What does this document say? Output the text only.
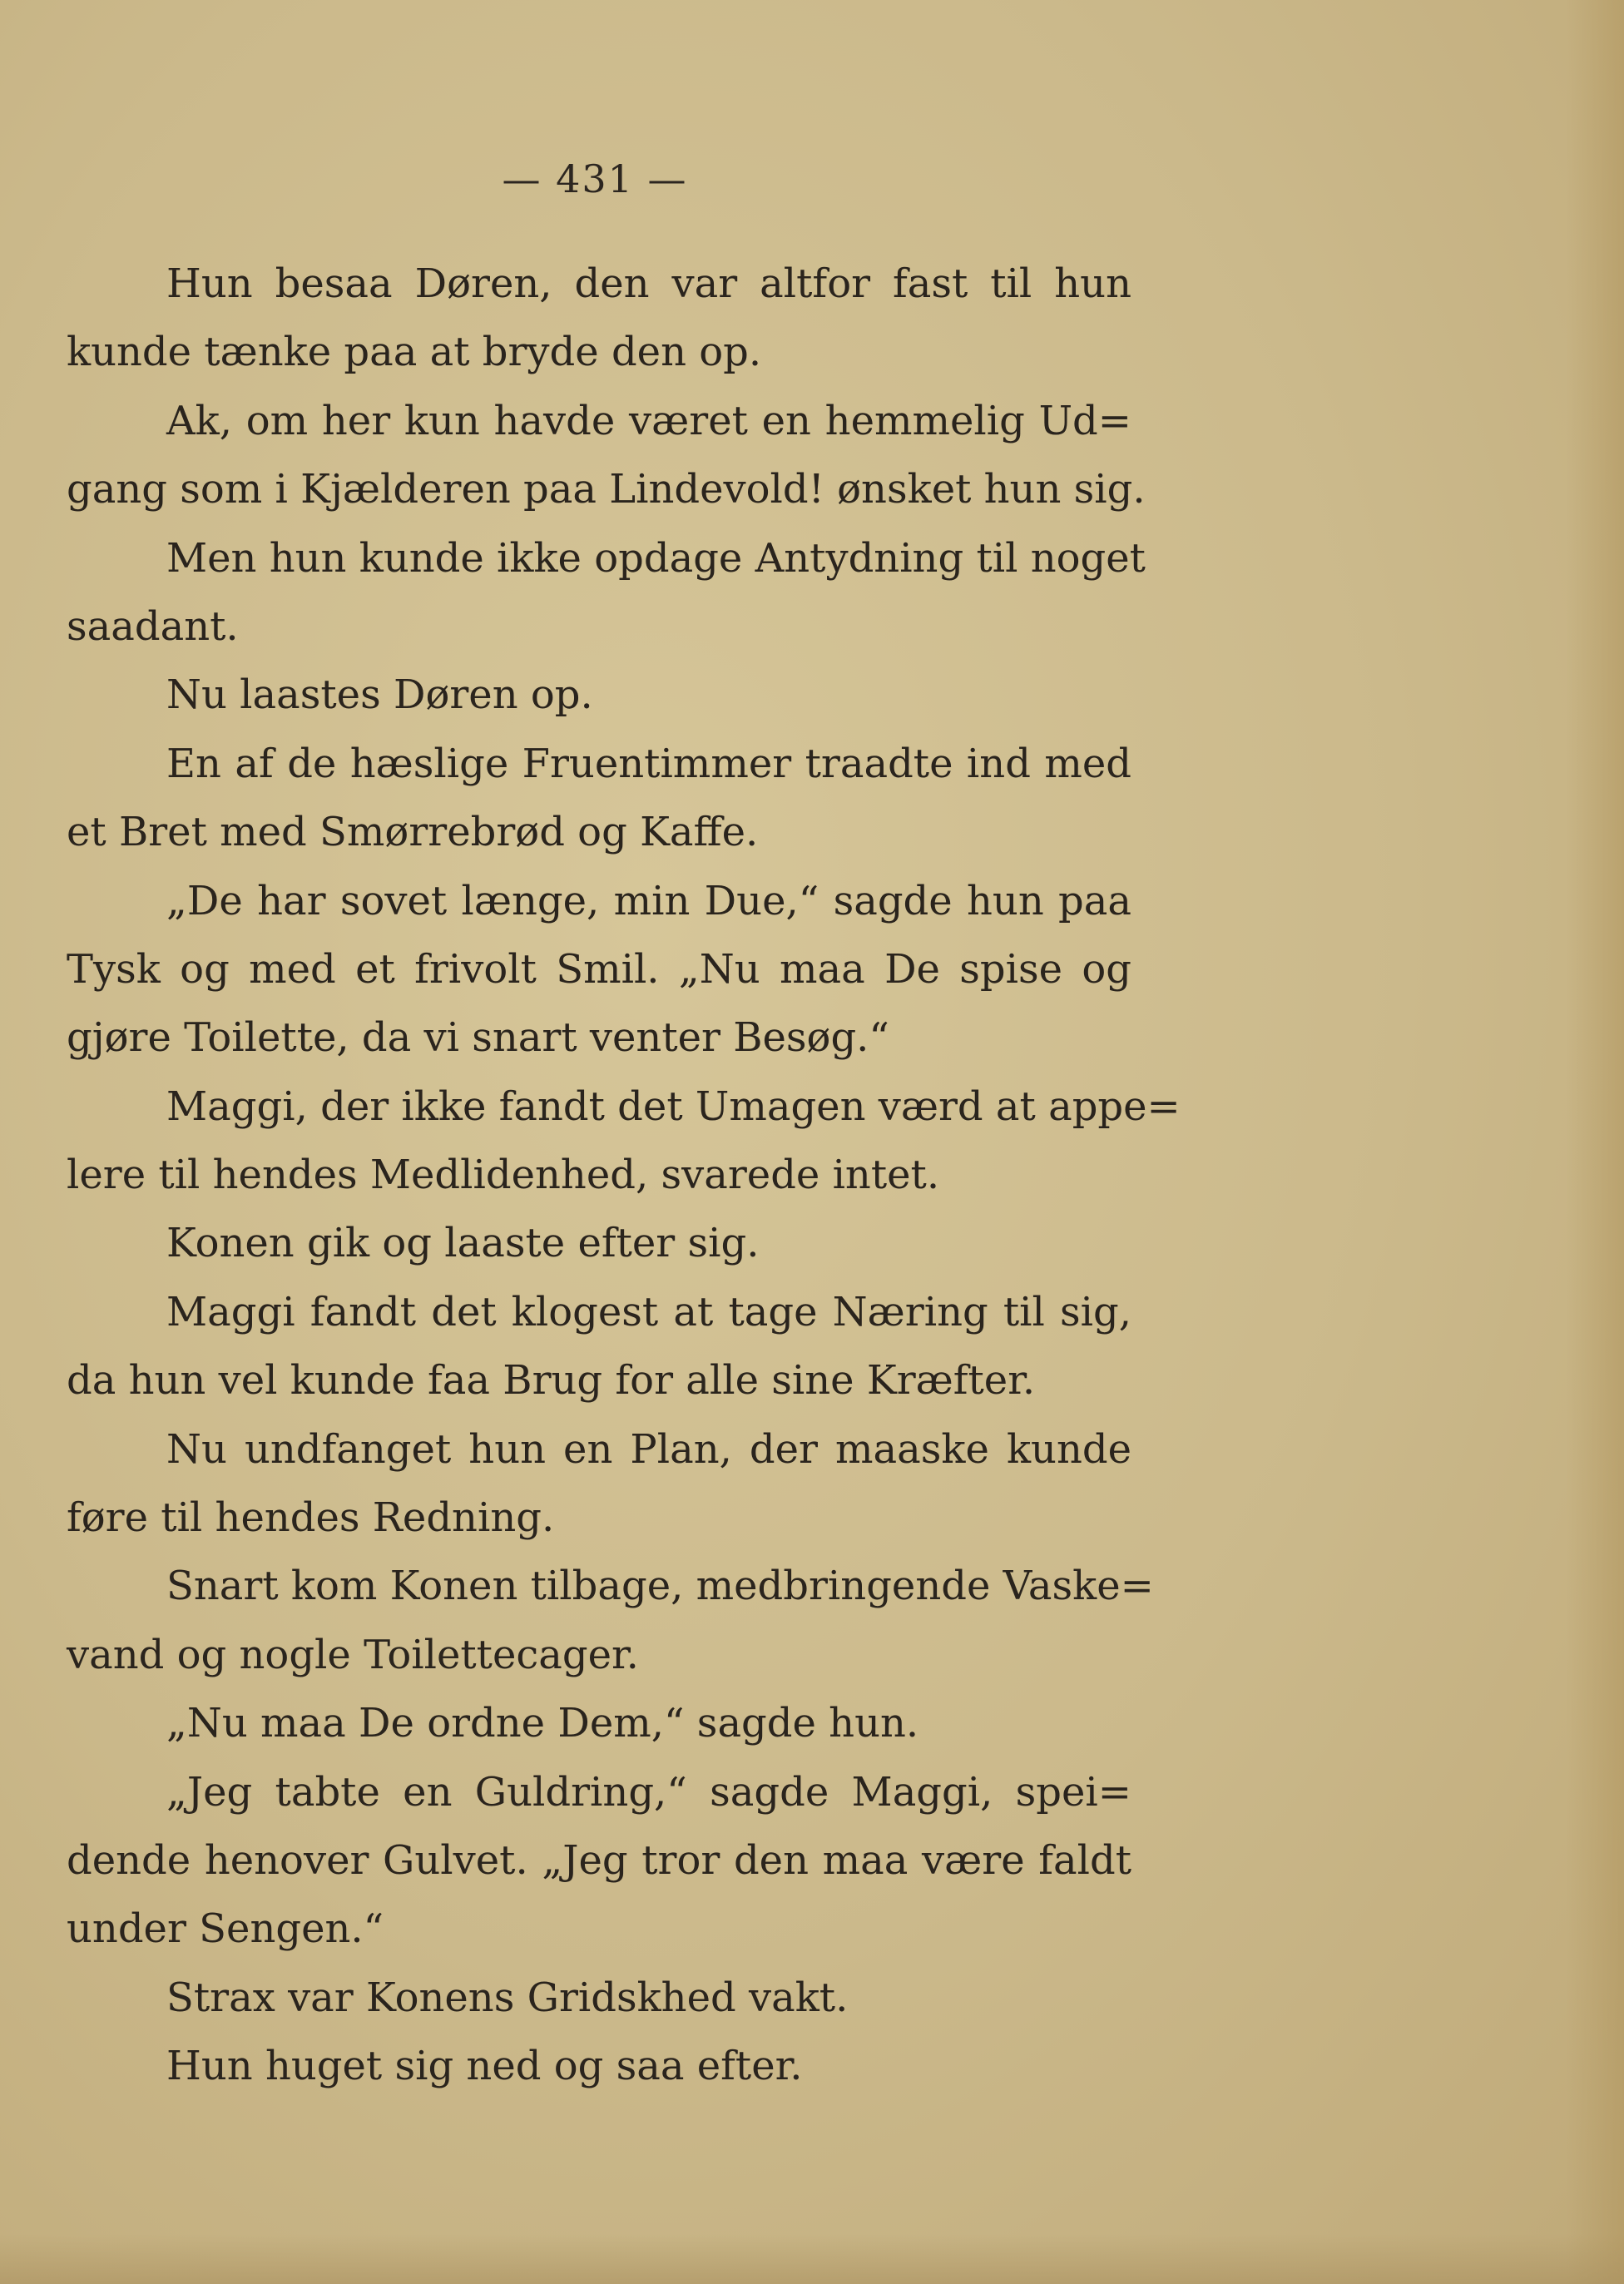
— 431 —
Hun besaa Døren, den var altfor fast til hun
kunde tænke paa at bryde den op.
Ak, om her kun havde været en hemmelig Ud=
gang som i Kjælderen paa Lindevold! ønsket hun sig.
Men hun kunde ikke opdage Antydning til noget
saadant.
Nu laastes Døren op.
En af de hæslige Fruentimmer traadte ind med
et Bret med Smørrebrød og Kaffe.
„De har sovet længe, min Due,“ sagde hun paa
Tysk og med et frivolt Smil. „Nu maa De spise og
gjøre Toilette, da vi snart venter Besøg.“
Maggi, der ikke fandt det Umagen værd at appe=
lere til hendes Medlidenhed, svarede intet.
Konen gik og laaste efter sig.
Maggi fandt det klogest at tage Næring til sig,
da hun vel kunde faa Brug for alle sine Kræfter.
Nu undfanget hun en Plan, der maaske kunde
føre til hendes Redning.
Snart kom Konen tilbage, medbringende Vaske=
vand og nogle Toiletteсager.
„Nu maa De ordne Dem,“ sagde hun.
„Jeg tabte en Guldring,“ sagde Maggi, spei=
dende henover Gulvet. „Jeg tror den maa være faldt
under Sengen.“
Strax var Konens Gridskhed vakt.
Hun huget sig ned og saa efter.
